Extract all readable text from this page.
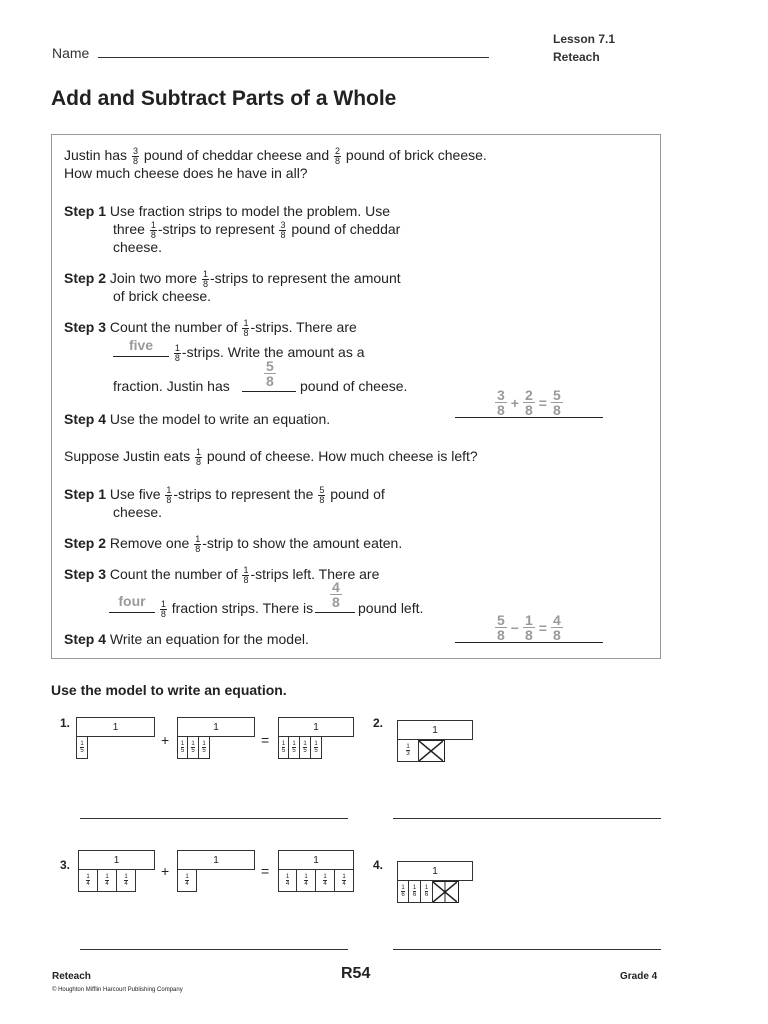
Lesson 7.1
Reteach
Name
Add and Subtract Parts of a Whole
Justin has $\frac{3}{8}$ pound of cheddar cheese and $\frac{2}{8}$ pound of brick cheese.
How much cheese does he have in all?
Step 1 Use fraction strips to model the problem. Use
three $\frac{1}{8}$ -strips to represent $\frac{3}{8}$ pound of cheddar
cheese.
Step 2 Join two more $\frac{1}{8}$ -strips to represent the amount
of brick cheese.
Step 3 Count the number of $\frac{1}{8}$ -strips. There are
five
	$\frac{1}{8}$ -strips. Write the amount as a
fraction. Justin has
5
8 pound of cheese.
Step 4 Use the model to write an equation.
3
$8 + \frac{2}{8} = \frac{5}{8}$
Suppose Justin eats $\frac{1}{8}$ pound of cheese. How much cheese is left?
Step 1 Use five $\frac{1}{8}$ -strips to represent the $\frac{5}{8}$ pound of
cheese.
Step 2 Remove one $\frac{1}{8}$ -strip to show the amount eaten.
Step 3 Count the number of $\frac{1}{8}$ -strips left. There are
four
	$\frac{1}{8}$ fraction strips. There is
4
8 pound left.
Step 4 Write an equation for the model.
5
$8 - \frac{1}{8} = \frac{4}{8}$
Use the model to write an equation.
1.	1
1
5
+
1
1
5
1
5
1
5
=
1
1
5
1
5
1
5
1
5
2.	1
1
3
3.	1
1
4
1
4
1
4
+
1
1
4
=
1
1
4
1
4
1
4
1
4
4.	1
1
6
1
6
1
6
Reteach
© Houghton Mifflin Harcourt Publishing Company
R54	Grade 4
